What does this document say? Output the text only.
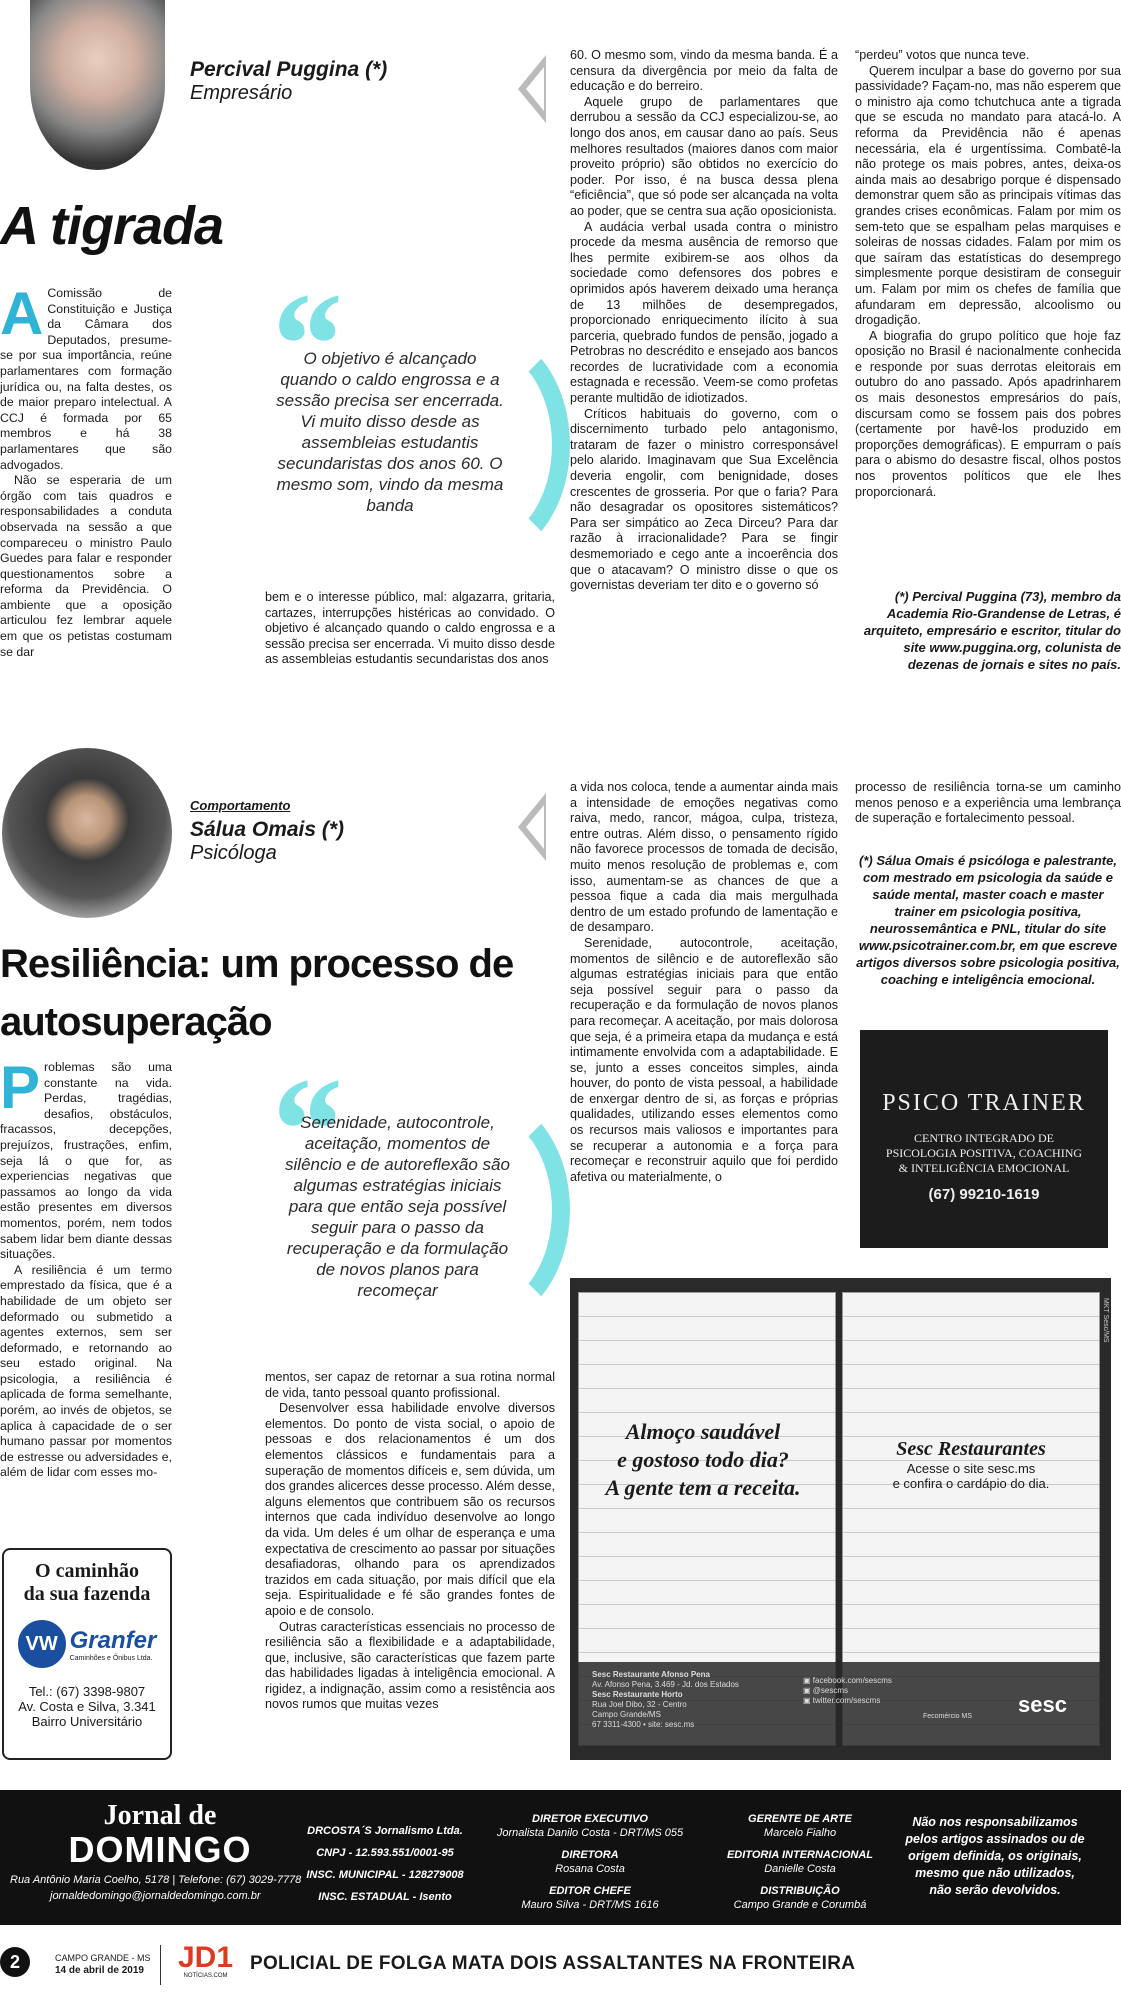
Percival Puggina (*)
Empresário
A tigrada
A Comissão de Constituição e Justiça da Câmara dos Deputados, presume-se por sua importância, reúne parlamentares com formação jurídica ou, na falta destes, os de maior preparo intelectual. A CCJ é formada por 65 membros e há 38 parlamentares que são advogados.

Não se esperaria de um órgão com tais quadros e responsabilidades a conduta observada na sessão a que compareceu o ministro Paulo Guedes para falar e responder questionamentos sobre a reforma da Previdência. O ambiente que a oposição articulou fez lembrar aquele em que os petistas costumam se dar

“
O objetivo é alcançado quando o caldo engrossa e a sessão precisa ser encerrada. Vi muito disso desde as assembleias estudantis secundaristas dos anos 60. O mesmo som, vindo da mesma banda

bem e o interesse público, mal: algazarra, gritaria, cartazes, interrupções histéricas ao convidado. O objetivo é alcançado quando o caldo engrossa e a sessão precisa ser encerrada. Vi muito disso desde as assembleias estudantis secundaristas dos anos

60. O mesmo som, vindo da mesma banda. É a censura da divergência por meio da falta de educação e do berreiro.

Aquele grupo de parlamentares que derrubou a sessão da CCJ especializou-se, ao longo dos anos, em causar dano ao país. Seus melhores resultados (maiores danos com maior proveito próprio) são obtidos no exercício do poder. Por isso, é na busca dessa plena “eficiência”, que só pode ser alcançada na volta ao poder, que se centra sua ação oposicionista.

A audácia verbal usada contra o ministro procede da mesma ausência de remorso que lhes permite exibirem-se aos olhos da sociedade como defensores dos pobres e oprimidos após haverem deixado uma herança de 13 milhões de desempregados, proporcionado enriquecimento ilícito à sua parceria, quebrado fundos de pensão, jogado a Petrobras no descrédito e ensejado aos bancos recordes de lucratividade com a economia estagnada e recessão. Veem-se como profetas perante multidão de idiotizados.

Críticos habituais do governo, com o discernimento turbado pelo antagonismo, trataram de fazer o ministro corresponsável pelo alarido. Imaginavam que Sua Excelência deveria engolir, com benignidade, doses crescentes de grosseria. Por que o faria? Para não desagradar os opositores sistemáticos? Para ser simpático ao Zeca Dirceu? Para dar razão à irracionalidade? Para se fingir desmemoriado e cego ante a incoerência dos que o atacavam? O ministro disse o que os governistas deveriam ter dito e o governo só

“perdeu” votos que nunca teve.

Querem inculpar a base do governo por sua passividade? Façam-no, mas não esperem que o ministro aja como tchutchuca ante a tigrada que se escuda no mandato para atacá-lo. A reforma da Previdência não é apenas necessária, ela é urgentíssima. Combatê-la não protege os mais pobres, antes, deixa-os ainda mais ao desabrigo porque é dispensado demonstrar quem são as principais vítimas das grandes crises econômicas. Falam por mim os sem-teto que se espalham pelas marquises e soleiras de nossas cidades. Falam por mim os que saíram das estatísticas do desemprego simplesmente porque desistiram de conseguir um. Falam por mim os chefes de família que afundaram em depressão, alcoolismo ou drogadição.

A biografia do grupo político que hoje faz oposição no Brasil é nacionalmente conhecida e responde por suas derrotas eleitorais em outubro do ano passado. Após apadrinharem os mais desonestos empresários do país, discursam como se fossem pais dos pobres (certamente por havê-los produzido em proporções demográficas). E empurram o país para o abismo do desastre fiscal, olhos postos nos proventos políticos que ele lhes proporcionará.

(*) Percival Puggina (73), membro da Academia Rio-Grandense de Letras, é arquiteto, empresário e escritor, titular do site www.puggina.org, colunista de dezenas de jornais e sites no país.
Comportamento
Sálua Omais (*)
Psicóloga
Resiliência: um processo de
autosuperação
P roblemas são uma constante na vida. Perdas, tragédias, desafios, obstáculos, fracassos, decepções, prejuízos, frustrações, enfim, seja lá o que for, as experiencias negativas que passamos ao longo da vida estão presentes em diversos momentos, porém, nem todos sabem lidar bem diante dessas situações.

A resiliência é um termo emprestado da física, que é a habilidade de um objeto ser deformado ou submetido a agentes externos, sem ser deformado, e retornando ao seu estado original. Na psicologia, a resiliência é aplicada de forma semelhante, porém, ao invés de objetos, se aplica à capacidade de o ser humano passar por momentos de estresse ou adversidades e, além de lidar com esses mo-

“
Serenidade, autocontrole, aceitação, momentos de silêncio e de autoreflexão são algumas estratégias iniciais para que então seja possível seguir para o passo da recuperação e da formulação de novos planos para recomeçar

mentos, ser capaz de retornar a sua rotina normal de vida, tanto pessoal quanto profissional.

Desenvolver essa habilidade envolve diversos elementos. Do ponto de vista social, o apoio de pessoas e dos relacionamentos é um dos elementos clássicos e fundamentais para a superação de momentos difíceis e, sem dúvida, um dos grandes alicerces desse processo. Além desse, alguns elementos que contribuem são os recursos internos que cada indivíduo desenvolve ao longo da vida. Um deles é um olhar de esperança e uma expectativa de crescimento ao passar por situações desafiadoras, olhando para os aprendizados trazidos em cada situação, por mais difícil que ela seja. Espiritualidade e fé são grandes fontes de apoio e de consolo.

Outras características essenciais no processo de resiliência são a flexibilidade e a adaptabilidade, que, inclusive, são características que fazem parte das habilidades ligadas à inteligência emocional. A rigidez, a indignação, assim como a resistência aos novos rumos que muitas vezes

a vida nos coloca, tende a aumentar ainda mais a intensidade de emoções negativas como raiva, medo, rancor, mágoa, culpa, tristeza, entre outras. Além disso, o pensamento rígido não favorece processos de tomada de decisão, muito menos resolução de problemas e, com isso, aumentam-se as chances de que a pessoa fique a cada dia mais mergulhada dentro de um estado profundo de lamentação e de desamparo.

Serenidade, autocontrole, aceitação, momentos de silêncio e de autoreflexão são algumas estratégias iniciais para que então seja possível seguir para o passo da recuperação e da formulação de novos planos para recomeçar. A aceitação, por mais dolorosa que seja, é a primeira etapa da mudança e está intimamente envolvida com a adaptabilidade. E se, junto a esses conceitos simples, ainda houver, do ponto de vista pessoal, a habilidade de enxergar dentro de si, as forças e próprias qualidades, utilizando esses elementos como os recursos mais valiosos e importantes para se recuperar a autonomia e a força para recomeçar e reconstruir aquilo que foi perdido afetiva ou materialmente, o

processo de resiliência torna-se um caminho menos penoso e a experiência uma lembrança de superação e fortalecimento pessoal.

(*) Sálua Omais é psicóloga e palestrante, com mestrado em psicologia da saúde e saúde mental, master coach e master trainer em psicologia positiva, neurossemântica e PNL, titular do site www.psicotrainer.com.br, em que escreve artigos diversos sobre psicologia positiva, coaching e inteligência emocional.
O caminhão
da sua fazenda
VW Granfer
Caminhões e Ônibus Ltda.
Tel.: (67) 3398-9807
Av. Costa e Silva, 3.341
Bairro Universitário
PSICO TRAINER
CENTRO INTEGRADO DE
PSICOLOGIA POSITIVA, COACHING
& INTELIGÊNCIA EMOCIONAL
(67) 99210-1619
MKT Sesc/MS
Almoço saudável
e gostoso todo dia?
A gente tem a receita.
Sesc Restaurantes
Acesse o site sesc.ms
e confira o cardápio do dia.
Sesc Restaurante Afonso Pena
Av. Afonso Pena, 3.469 - Jd. dos Estados
Sesc Restaurante Horto
Rua Joel Dibo, 32 - Centro
Campo Grande/MS
67 3311-4300 • site: sesc.ms
▣ facebook.com/sescms
▣ @sescms
▣ twitter.com/sescms
Fecomércio MS sesc
Jornal de
DOMINGO
Rua Antônio Maria Coelho, 5178 | Telefone: (67) 3029-7778
jornaldedomingo@jornaldedomingo.com.br
DRCOSTA´S Jornalismo Ltda.
CNPJ - 12.593.551/0001-95
INSC. MUNICIPAL - 128279008
INSC. ESTADUAL - Isento
DIRETOR EXECUTIVO
Jornalista Danilo Costa - DRT/MS 055
DIRETORA
Rosana Costa
EDITOR CHEFE
Mauro Silva - DRT/MS 1616
GERENTE DE ARTE
Marcelo Fialho
EDITORIA INTERNACIONAL
Danielle Costa
DISTRIBUIÇÃO
Campo Grande e Corumbá
Não nos responsabilizamos pelos artigos assinados ou de origem definida, os originais, mesmo que não utilizados, não serão devolvidos.
2	CAMPO GRANDE - MS
14 de abril de 2019 JD1
NOTÍCIAS.COM
POLICIAL DE FOLGA MATA DOIS ASSALTANTES NA FRONTEIRA
